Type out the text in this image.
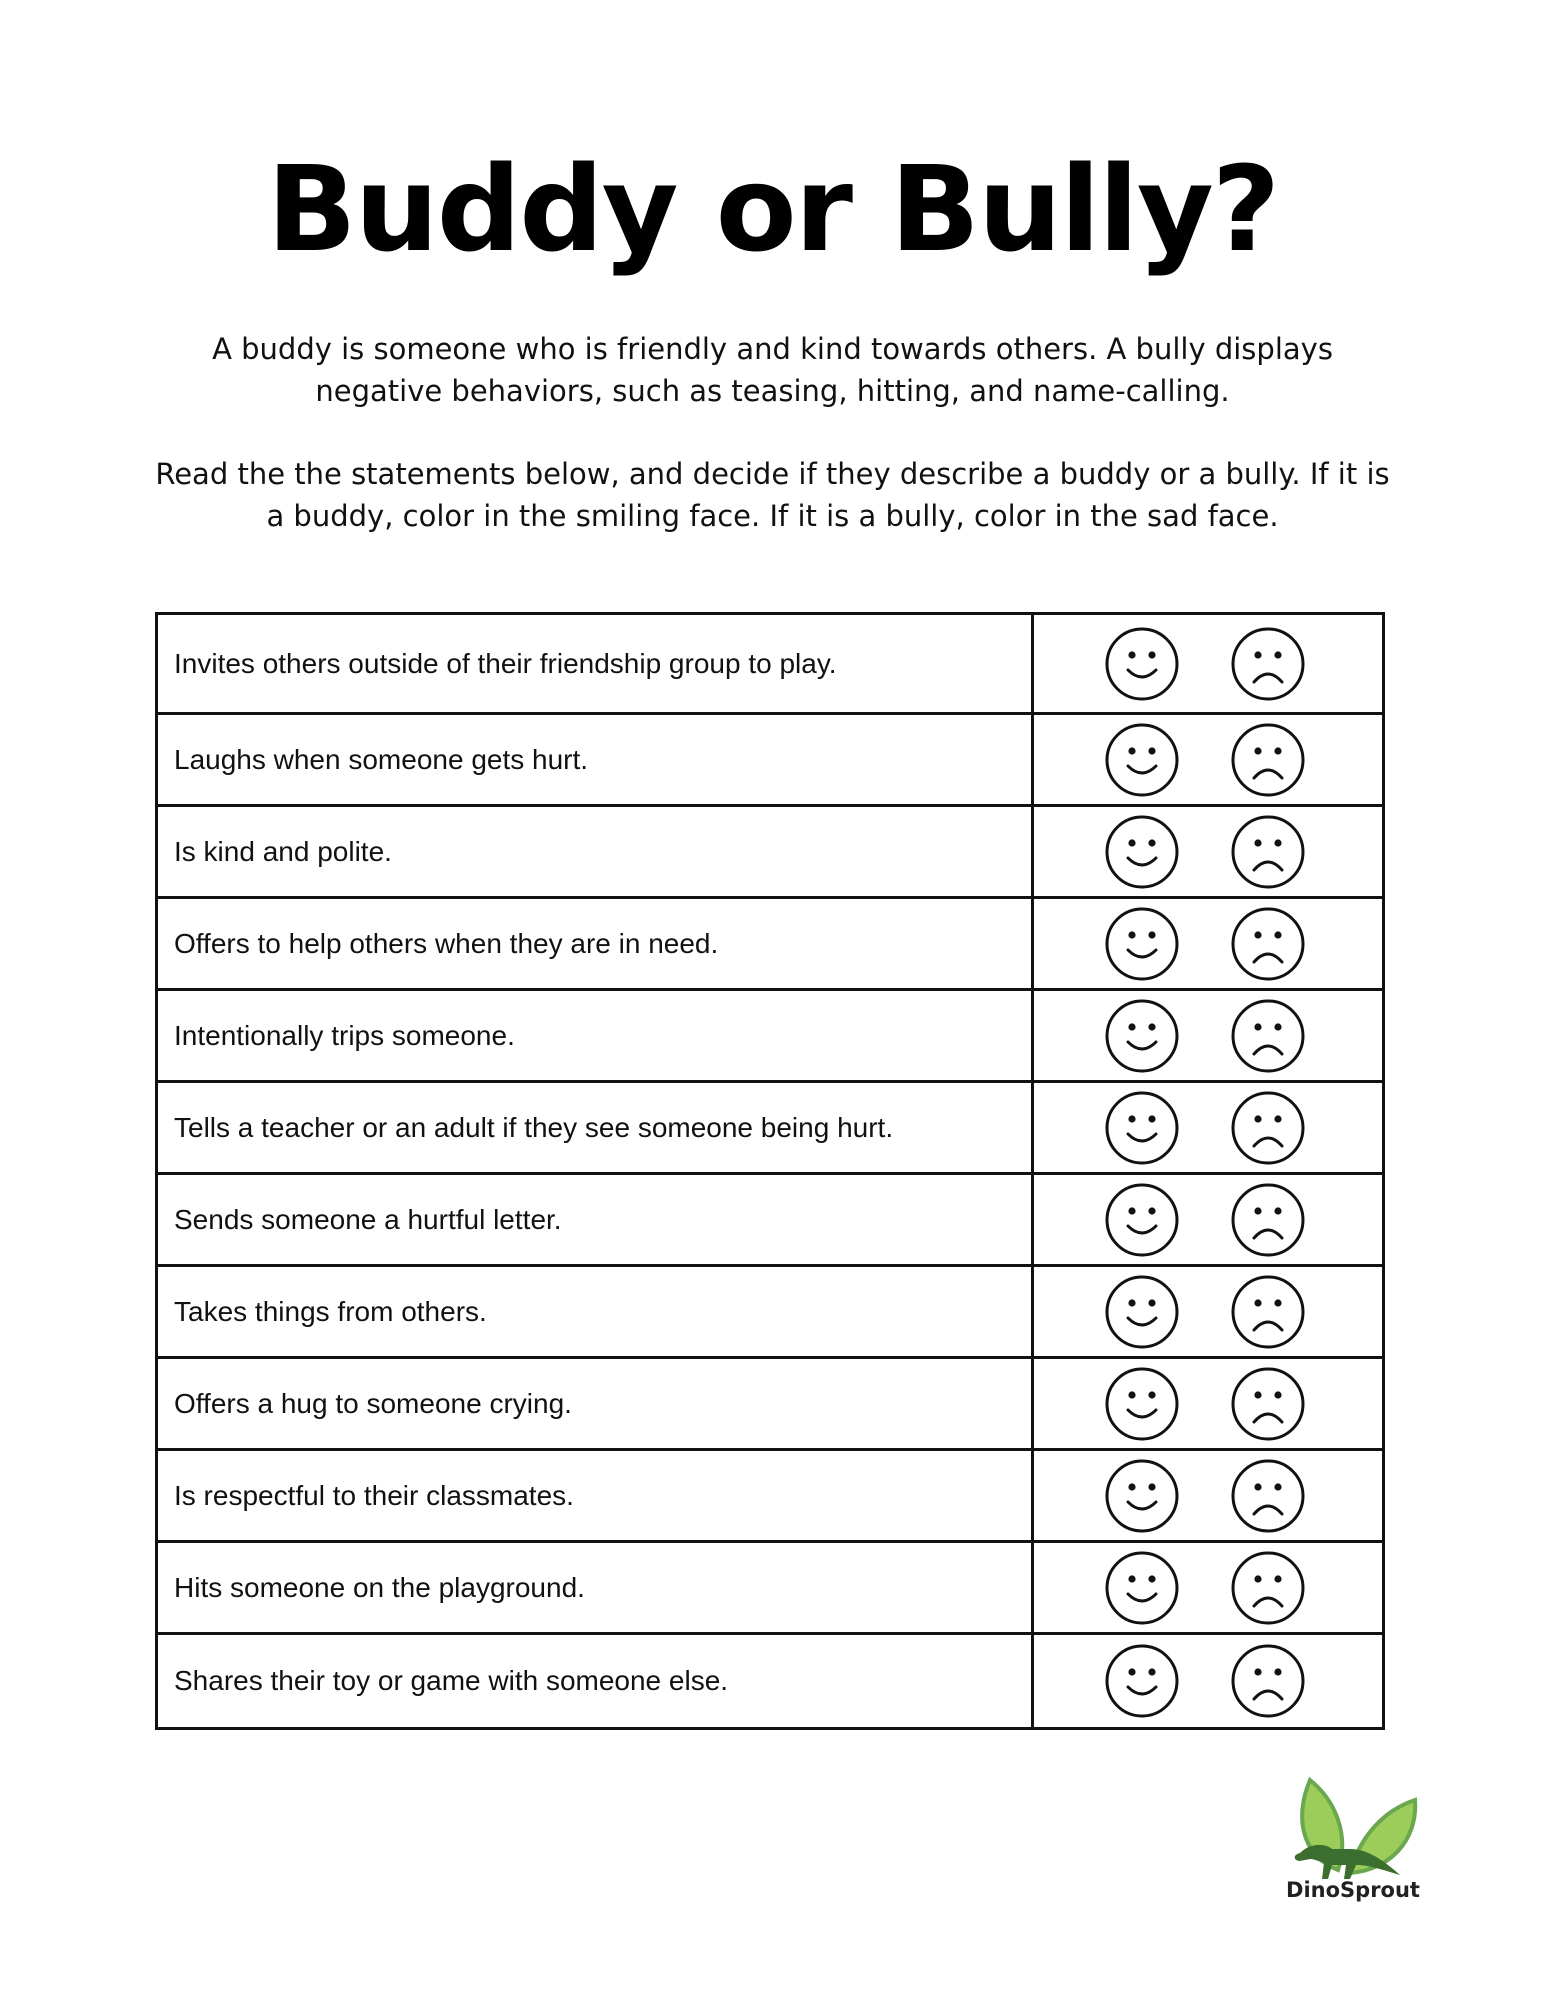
Buddy or Bully?
A buddy is someone who is friendly and kind towards others. A bully displays negative behaviors, such as teasing, hitting, and name-calling.
Read the the statements below, and decide if they describe a buddy or a bully. If it is a buddy, color in the smiling face. If it is a bully, color in the sad face.
Invites others outside of their friendship group to play.
Laughs when someone gets hurt.
Is kind and polite.
Offers to help others when they are in need.
Intentionally trips someone.
Tells a teacher or an adult if they see someone being hurt.
Sends someone a hurtful letter.
Takes things from others.
Offers a hug to someone crying.
Is respectful to their classmates.
Hits someone on the playground.
Shares their toy or game with someone else.
DinoSprout
